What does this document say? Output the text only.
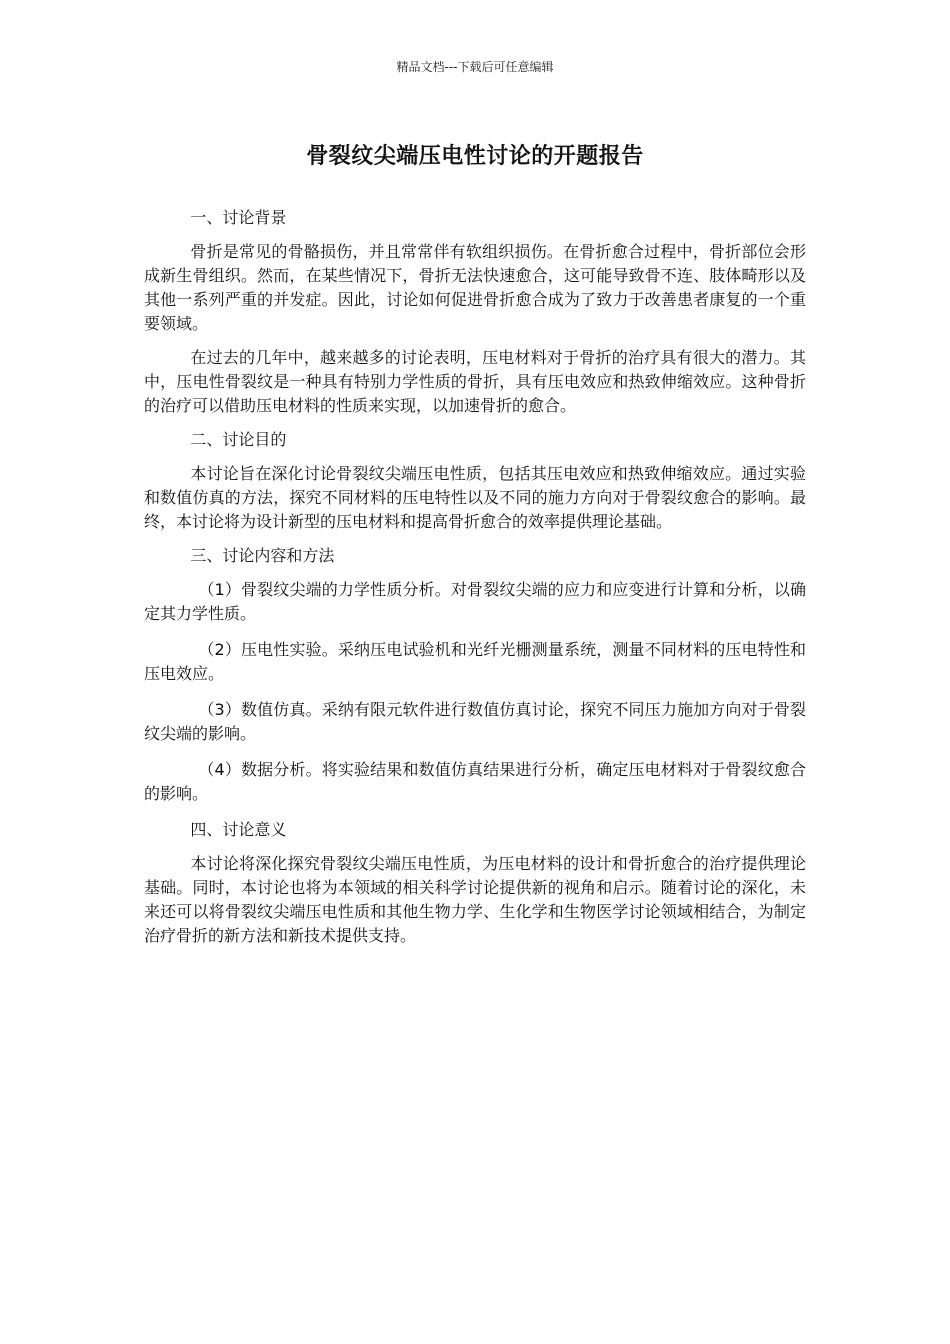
精品文档---下载后可任意编辑
骨裂纹尖端压电性讨论的开题报告
一、讨论背景
骨折是常见的骨骼损伤，并且常常伴有软组织损伤。在骨折愈合过程中，骨折部位会形成新生骨组织。然而，在某些情况下，骨折无法快速愈合，这可能导致骨不连、肢体畸形以及其他一系列严重的并发症。因此，讨论如何促进骨折愈合成为了致力于改善患者康复的一个重要领域。
在过去的几年中，越来越多的讨论表明，压电材料对于骨折的治疗具有很大的潜力。其中，压电性骨裂纹是一种具有特别力学性质的骨折，具有压电效应和热致伸缩效应。这种骨折的治疗可以借助压电材料的性质来实现，以加速骨折的愈合。
二、讨论目的
本讨论旨在深化讨论骨裂纹尖端压电性质，包括其压电效应和热致伸缩效应。通过实验和数值仿真的方法，探究不同材料的压电特性以及不同的施力方向对于骨裂纹愈合的影响。最终，本讨论将为设计新型的压电材料和提高骨折愈合的效率提供理论基础。
三、讨论内容和方法
（1）骨裂纹尖端的力学性质分析。对骨裂纹尖端的应力和应变进行计算和分析，以确定其力学性质。
（2）压电性实验。采纳压电试验机和光纤光栅测量系统，测量不同材料的压电特性和压电效应。
（3）数值仿真。采纳有限元软件进行数值仿真讨论，探究不同压力施加方向对于骨裂纹尖端的影响。
（4）数据分析。将实验结果和数值仿真结果进行分析，确定压电材料对于骨裂纹愈合的影响。
四、讨论意义
本讨论将深化探究骨裂纹尖端压电性质，为压电材料的设计和骨折愈合的治疗提供理论基础。同时，本讨论也将为本领域的相关科学讨论提供新的视角和启示。随着讨论的深化，未来还可以将骨裂纹尖端压电性质和其他生物力学、生化学和生物医学讨论领域相结合，为制定治疗骨折的新方法和新技术提供支持。
